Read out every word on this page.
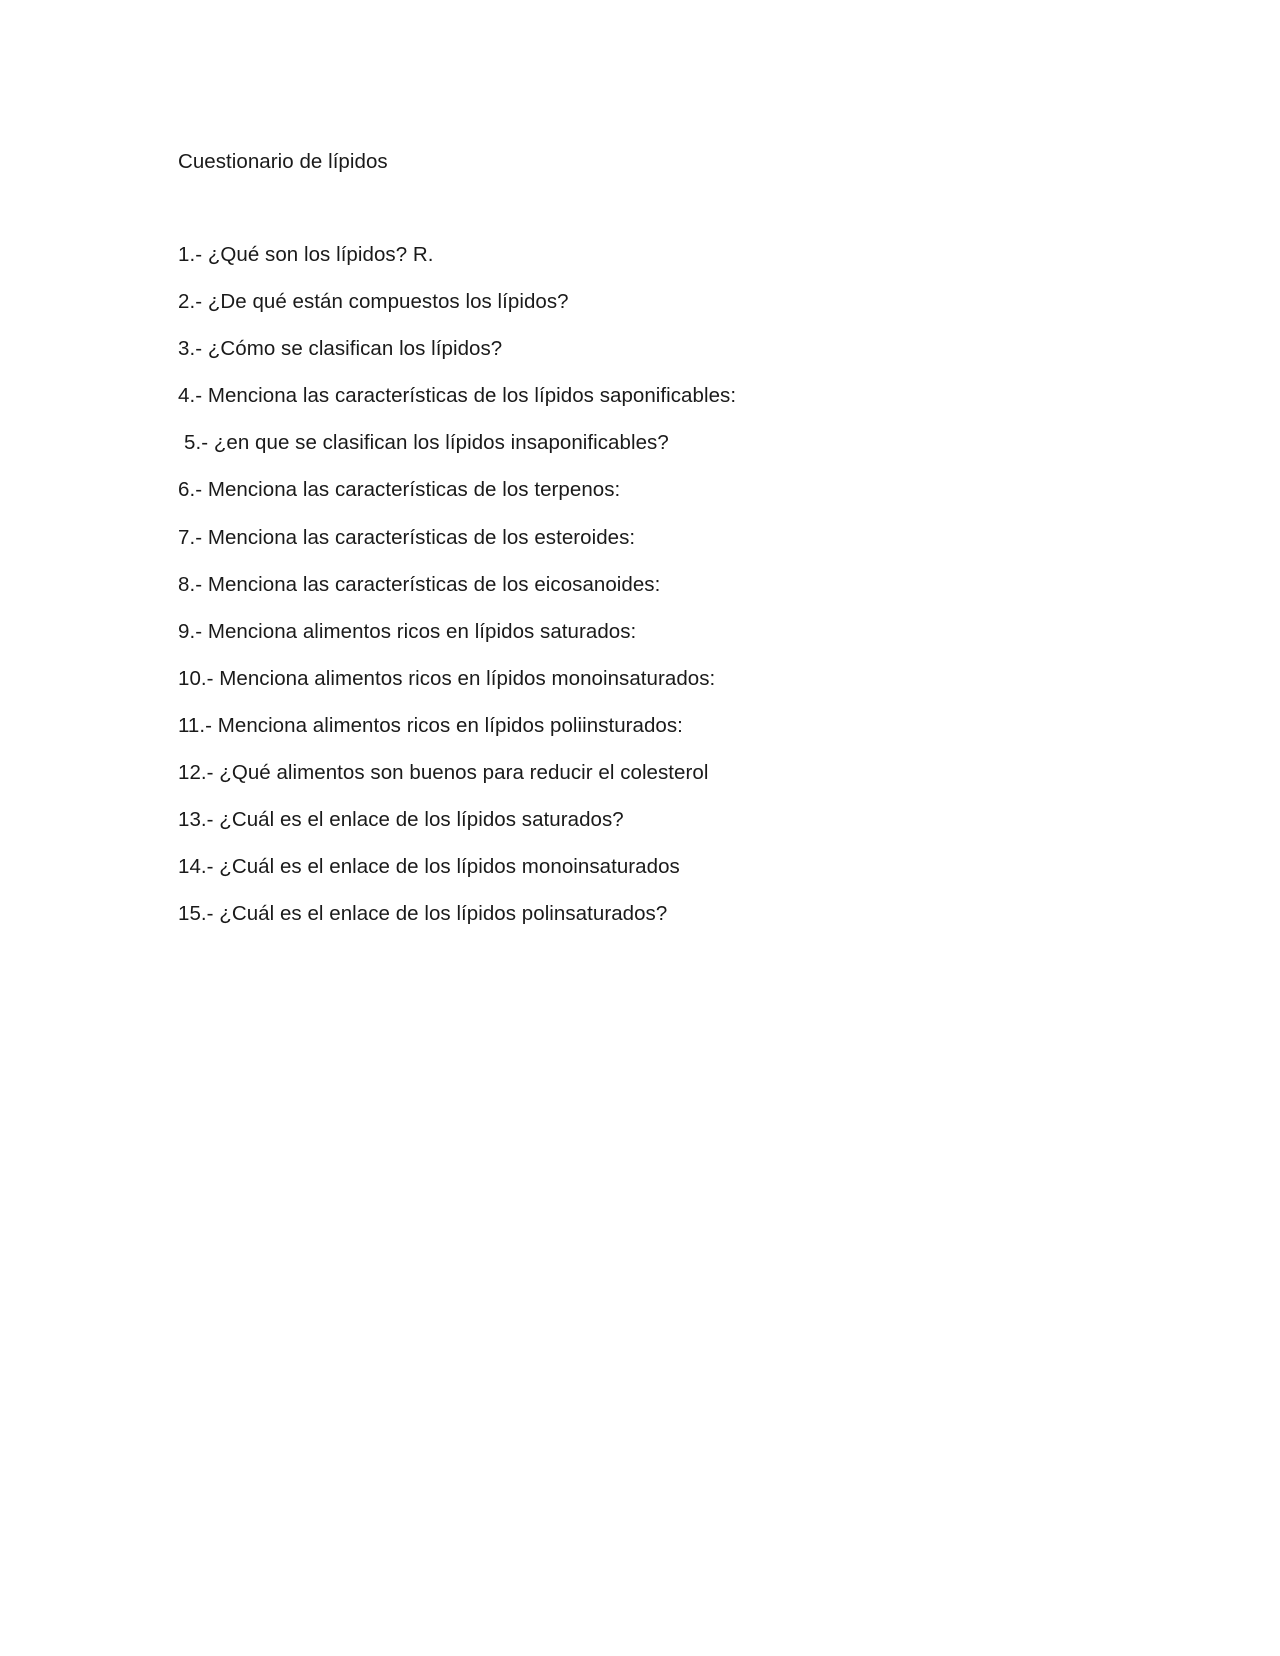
Cuestionario de lípidos
1.- ¿Qué son los lípidos? R.
2.- ¿De qué están compuestos los lípidos?
3.- ¿Cómo se clasifican los lípidos?
4.- Menciona las características de los lípidos saponificables:
5.- ¿en que se clasifican los lípidos insaponificables?
6.- Menciona las características de los terpenos:
7.- Menciona las características de los esteroides:
8.- Menciona las características de los eicosanoides:
9.- Menciona alimentos ricos en lípidos saturados:
10.- Menciona alimentos ricos en lípidos monoinsaturados:
11.- Menciona alimentos ricos en lípidos poliinsturados:
12.- ¿Qué alimentos son buenos para reducir el colesterol
13.- ¿Cuál es el enlace de los lípidos saturados?
14.- ¿Cuál es el enlace de los lípidos monoinsaturados
15.- ¿Cuál es el enlace de los lípidos polinsaturados?
